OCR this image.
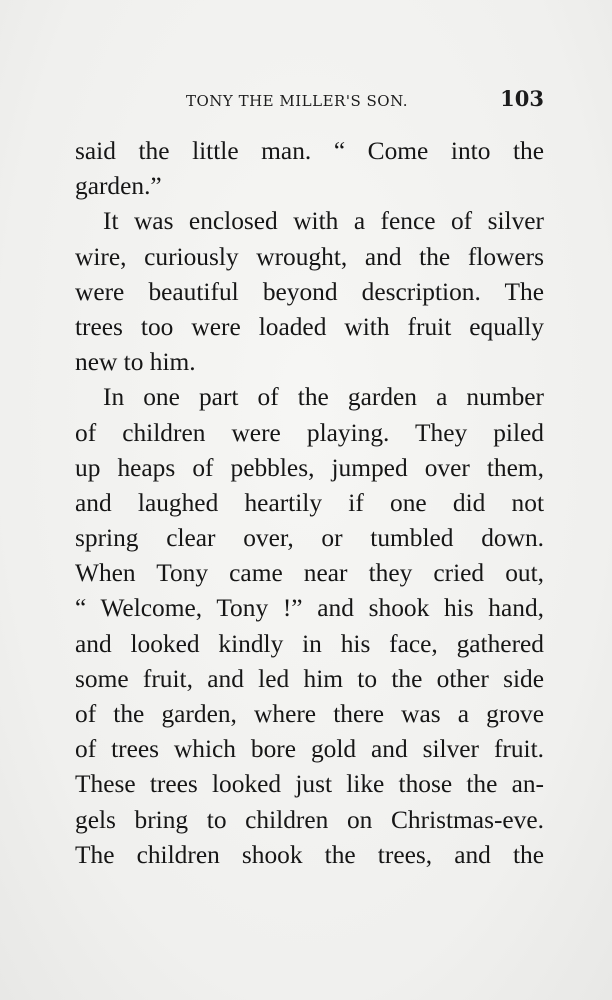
TONY THE MILLER'S SON.	103
said the little man. “ Come into the
garden.”
It was enclosed with a fence of silver
wire, curiously wrought, and the flowers
were beautiful beyond description. The
trees too were loaded with fruit equally
new to him.
In one part of the garden a number
of children were playing. They piled
up heaps of pebbles, jumped over them,
and laughed heartily if one did not
spring clear over, or tumbled down.
When Tony came near they cried out,
“ Welcome, Tony !” and shook his hand,
and looked kindly in his face, gathered
some fruit, and led him to the other side
of the garden, where there was a grove
of trees which bore gold and silver fruit.
These trees looked just like those the an-
gels bring to children on Christmas-eve.
The children shook the trees, and the
